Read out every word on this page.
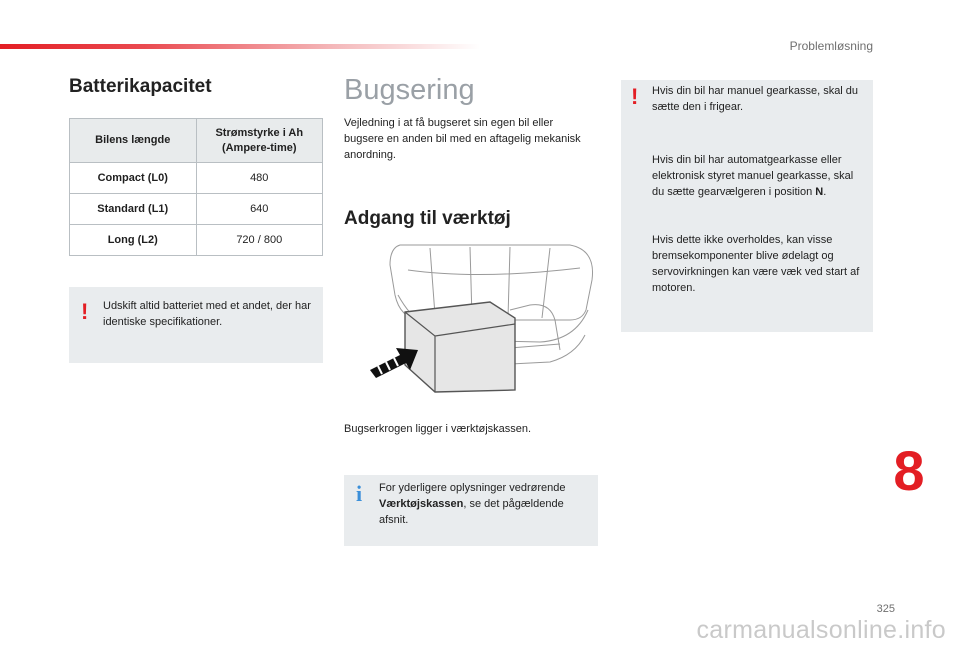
Problemløsning
Batterikapacitet
Bilens længde	Strømstyrke i Ah (Ampere-time)
Compact (L0)	480
Standard (L1)	640
Long (L2)	720 / 800
! Udskift altid batteriet med et andet, der har identiske specifikationer.
Bugsering
Vejledning i at få bugseret sin egen bil eller bugsere en anden bil med en aftagelig mekanisk anordning.
Adgang til værktøj
Bugserkrogen ligger i værktøjskassen.
i For yderligere oplysninger vedrørende Værktøjskassen, se det pågældende afsnit.
! Hvis din bil har manuel gearkasse, skal du sætte den i frigear.
Hvis din bil har automatgearkasse eller elektronisk styret manuel gearkasse, skal du sætte gearvælgeren i position N.
Hvis dette ikke overholdes, kan visse bremsekomponenter blive ødelagt og servovirkningen kan være væk ved start af motoren.
8
325
carmanualsonline.info
